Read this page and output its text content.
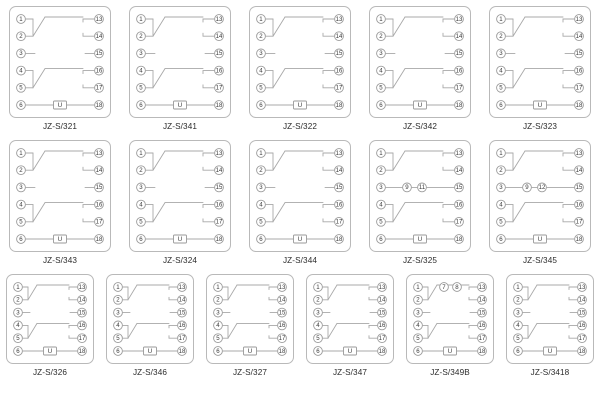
1
2
3
4
5
6
13
14
15
16
17
18
U
JZ-S/321
1
2
3
4
5
6
13
14
15
16
17
18
U
JZ-S/341
1
2
3
4
5
6
13
14
15
16
17
18
U
JZ-S/322
1
2
3
4
5
6
13
14
15
16
17
18
U
JZ-S/342
1
2
3
4
5
6
13
14
15
16
17
18
U
JZ-S/323
1
2
3
4
5
6
13
14
15
16
17
18
U
JZ-S/343
1
2
3
4
5
6
13
14
15
16
17
18
U
JZ-S/324
1
2
3
4
5
6
13
14
15
16
17
18
U
JZ-S/344
1
2
3
4
5
6
13
14
15
16
17
18
U
9 11
JZ-S/325
1
2
3
4
5
6
13
14
15
16
17
18
U
9 12
JZ-S/345
1
2
3
4
5
6
13
14
15
16
17
18
U
JZ-S/326
1
2
3
4
5
6
13
14
15
16
17
18
U
JZ-S/346
1
2
3
4
5
6
13
14
15
16
17
18
U
JZ-S/327
1
2
3
4
5
6
13
14
15
16
17
18
U
JZ-S/347
1
2
3
4
5
6
13
14
15
16
17
18
U
7 8
JZ-S/349B
1
2
3
4
5
6
13
14
15
16
17
18
U
JZ-S/3418
